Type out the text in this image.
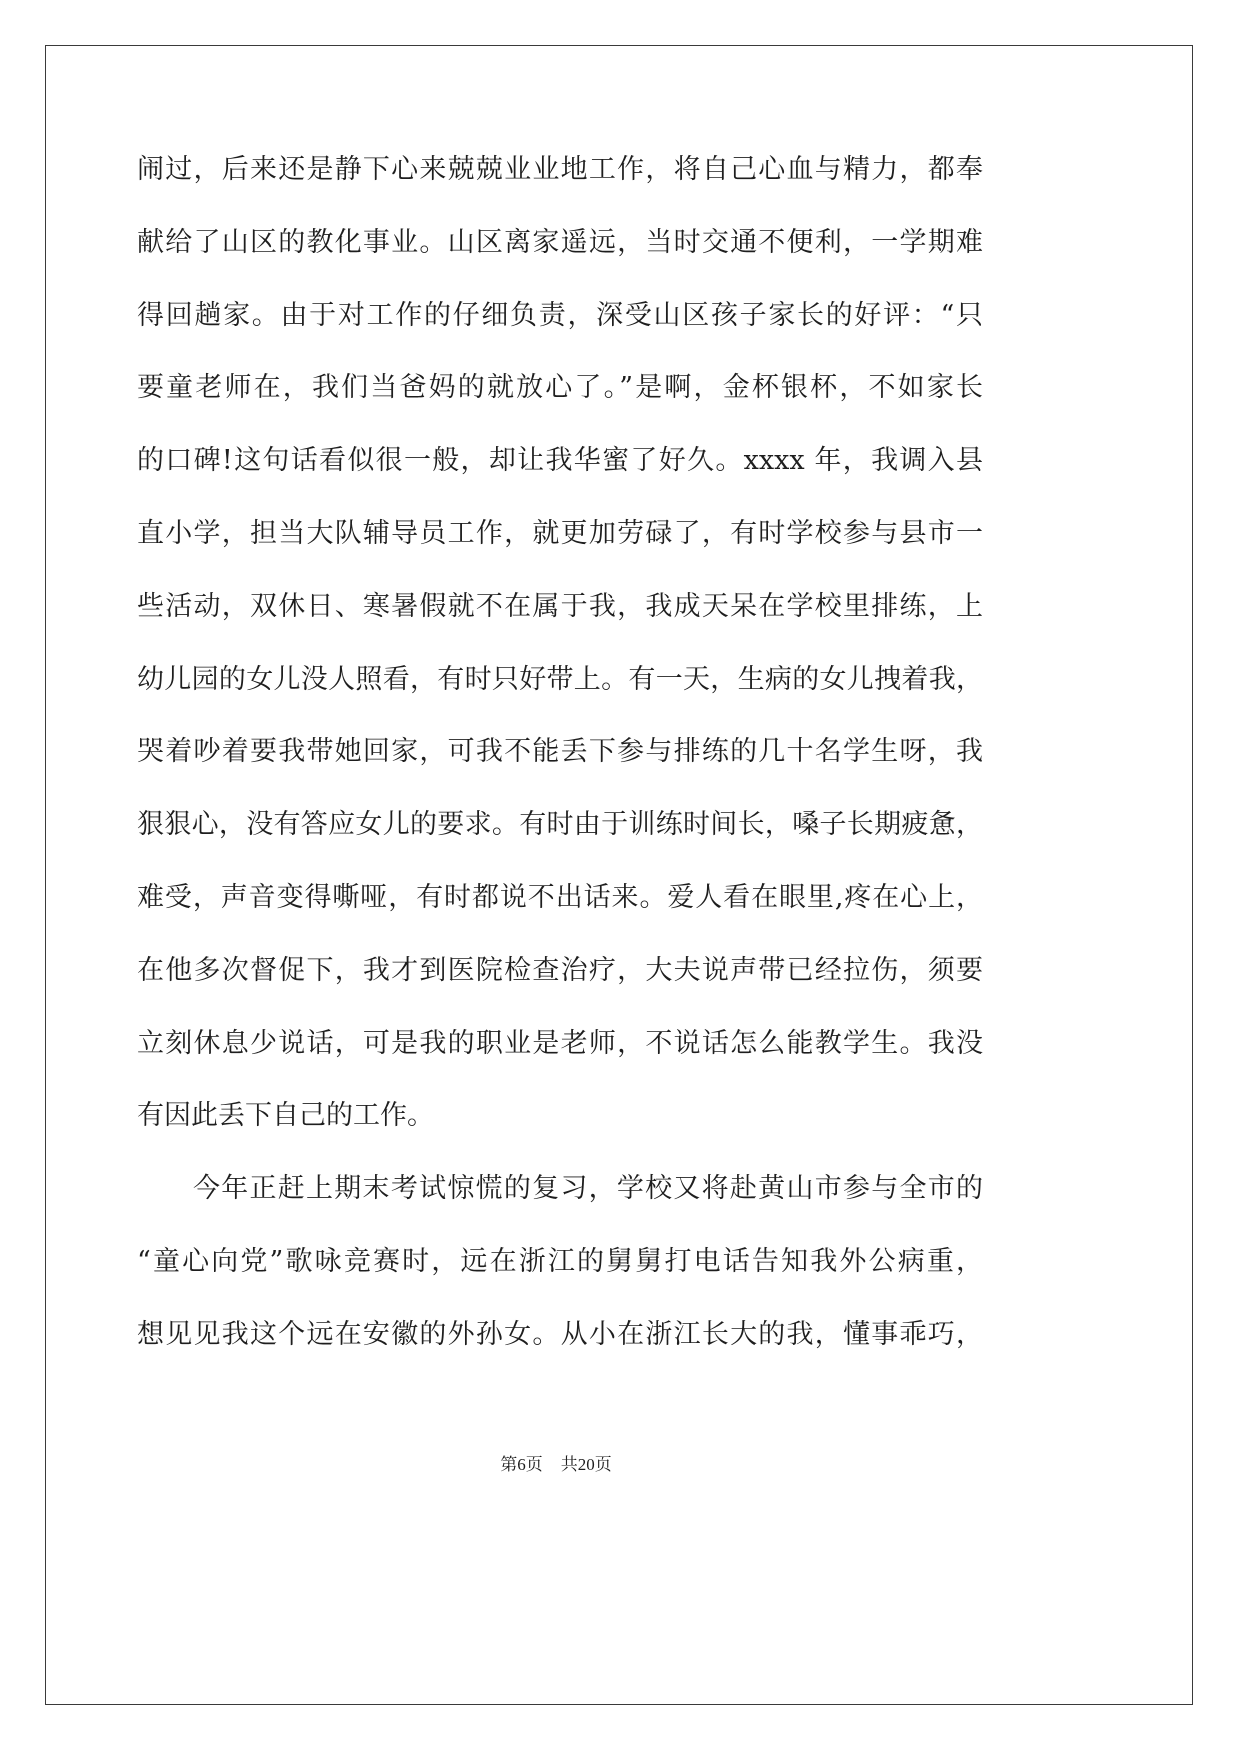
闹过，后来还是静下心来兢兢业业地工作，将自己心血与精力，都奉
献给了山区的教化事业。山区离家遥远，当时交通不便利，一学期难
得回趟家。由于对工作的仔细负责，深受山区孩子家长的好评：“只
要童老师在，我们当爸妈的就放心了。”是啊，金杯银杯，不如家长
的口碑!这句话看似很一般，却让我华蜜了好久。xxxx 年，我调入县
直小学，担当大队辅导员工作，就更加劳碌了，有时学校参与县市一
些活动，双休日、寒暑假就不在属于我，我成天呆在学校里排练，上
幼儿园的女儿没人照看，有时只好带上。有一天，生病的女儿拽着我，
哭着吵着要我带她回家，可我不能丢下参与排练的几十名学生呀，我
狠狠心，没有答应女儿的要求。有时由于训练时间长，嗓子长期疲惫，
难受，声音变得嘶哑，有时都说不出话来。爱人看在眼里,疼在心上，
在他多次督促下，我才到医院检查治疗，大夫说声带已经拉伤，须要
立刻休息少说话，可是我的职业是老师，不说话怎么能教学生。我没
有因此丢下自己的工作。
今年正赶上期末考试惊慌的复习，学校又将赴黄山市参与全市的
“童心向党”歌咏竞赛时，远在浙江的舅舅打电话告知我外公病重，
想见见我这个远在安徽的外孙女。从小在浙江长大的我，懂事乖巧，
第6页 共20页
